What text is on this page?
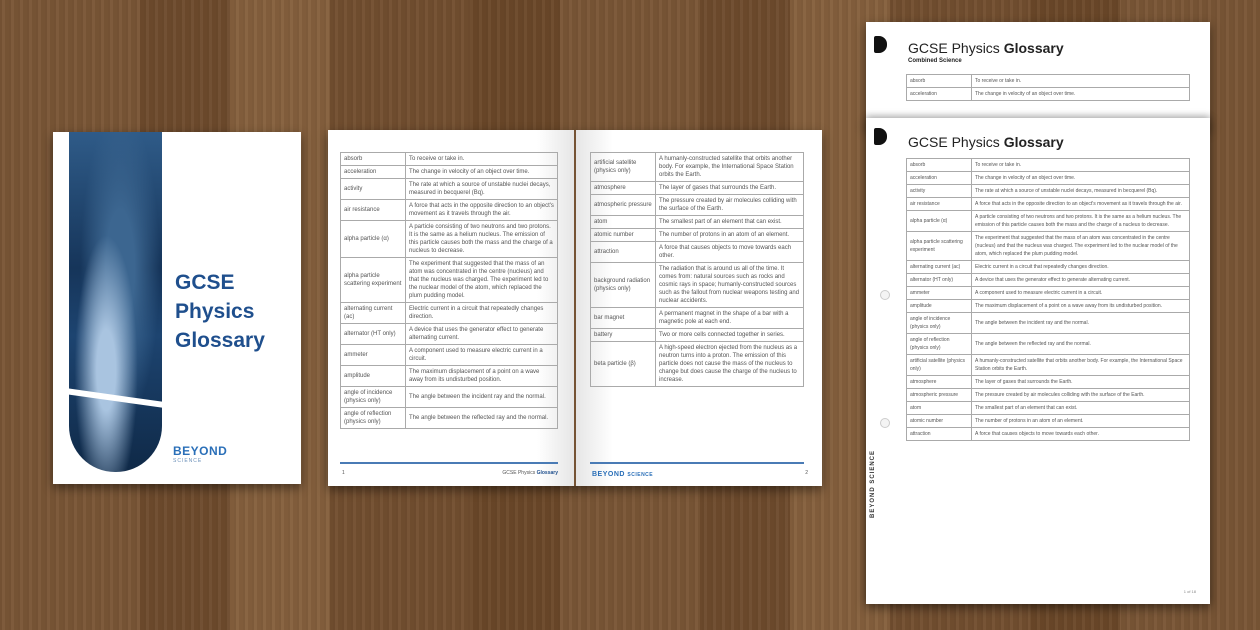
GCSE
Physics
Glossary
BEYOND
SCIENCE
absorb	To receive or take in.
acceleration	The change in velocity of an object over time.
activity	The rate at which a source of unstable nuclei decays, measured in becquerel (Bq).
air resistance	A force that acts in the opposite direction to an object's movement as it travels through the air.
alpha particle (α)	A particle consisting of two neutrons and two protons. It is the same as a helium nucleus. The emission of this particle causes both the mass and the charge of a nucleus to decrease.
alpha particle scattering experiment	The experiment that suggested that the mass of an atom was concentrated in the centre (nucleus) and that the nucleus was charged. The experiment led to the nuclear model of the atom, which replaced the plum pudding model.
alternating current (ac)	Electric current in a circuit that repeatedly changes direction.
alternator (HT only)	A device that uses the generator effect to generate alternating current.
ammeter	A component used to measure electric current in a circuit.
amplitude	The maximum displacement of a point on a wave away from its undisturbed position.
angle of incidence (physics only)	The angle between the incident ray and the normal.
angle of reflection (physics only)	The angle between the reflected ray and the normal.
1	GCSE Physics Glossary
artificial satellite (physics only)	A humanly-constructed satellite that orbits another body. For example, the International Space Station orbits the Earth.
atmosphere	The layer of gases that surrounds the Earth.
atmospheric pressure	The pressure created by air molecules colliding with the surface of the Earth.
atom	The smallest part of an element that can exist.
atomic number	The number of protons in an atom of an element.
attraction	A force that causes objects to move towards each other.
background radiation (physics only)	The radiation that is around us all of the time. It comes from: natural sources such as rocks and cosmic rays in space; humanly-constructed sources such as the fallout from nuclear weapons testing and nuclear accidents.
bar magnet	A permanent magnet in the shape of a bar with a magnetic pole at each end.
battery	Two or more cells connected together in series.
beta particle (β)	A high-speed electron ejected from the nucleus as a neutron turns into a proton. The emission of this particle does not cause the mass of the nucleus to change but does cause the charge of the nucleus to increase.
BEYOND SCIENCE	2
GCSE Physics Glossary
Combined Science
absorb	To receive or take in.
acceleration	The change in velocity of an object over time.
GCSE Physics Glossary
absorb	To receive or take in.
acceleration	The change in velocity of an object over time.
activity	The rate at which a source of unstable nuclei decays, measured in becquerel (Bq).
air resistance	A force that acts in the opposite direction to an object's movement as it travels through the air.
alpha particle (α)	A particle consisting of two neutrons and two protons. It is the same as a helium nucleus. The emission of this particle causes both the mass and the charge of a nucleus to decrease.
alpha particle scattering experiment	The experiment that suggested that the mass of an atom was concentrated in the centre (nucleus) and that the nucleus was charged. The experiment led to the nuclear model of the atom, which replaced the plum pudding model.
alternating current (ac)	Electric current in a circuit that repeatedly changes direction.
alternator (HT only)	A device that uses the generator effect to generate alternating current.
ammeter	A component used to measure electric current in a circuit.
amplitude	The maximum displacement of a point on a wave away from its undisturbed position.
angle of incidence (physics only)	The angle between the incident ray and the normal.
angle of reflection (physics only)	The angle between the reflected ray and the normal.
artificial satellite (physics only)	A humanly-constructed satellite that orbits another body. For example, the International Space Station orbits the Earth.
atmosphere	The layer of gases that surrounds the Earth.
atmospheric pressure	The pressure created by air molecules colliding with the surface of the Earth.
atom	The smallest part of an element that can exist.
atomic number	The number of protons in an atom of an element.
attraction	A force that causes objects to move towards each other.
BEYOND SCIENCE
1 of 18
